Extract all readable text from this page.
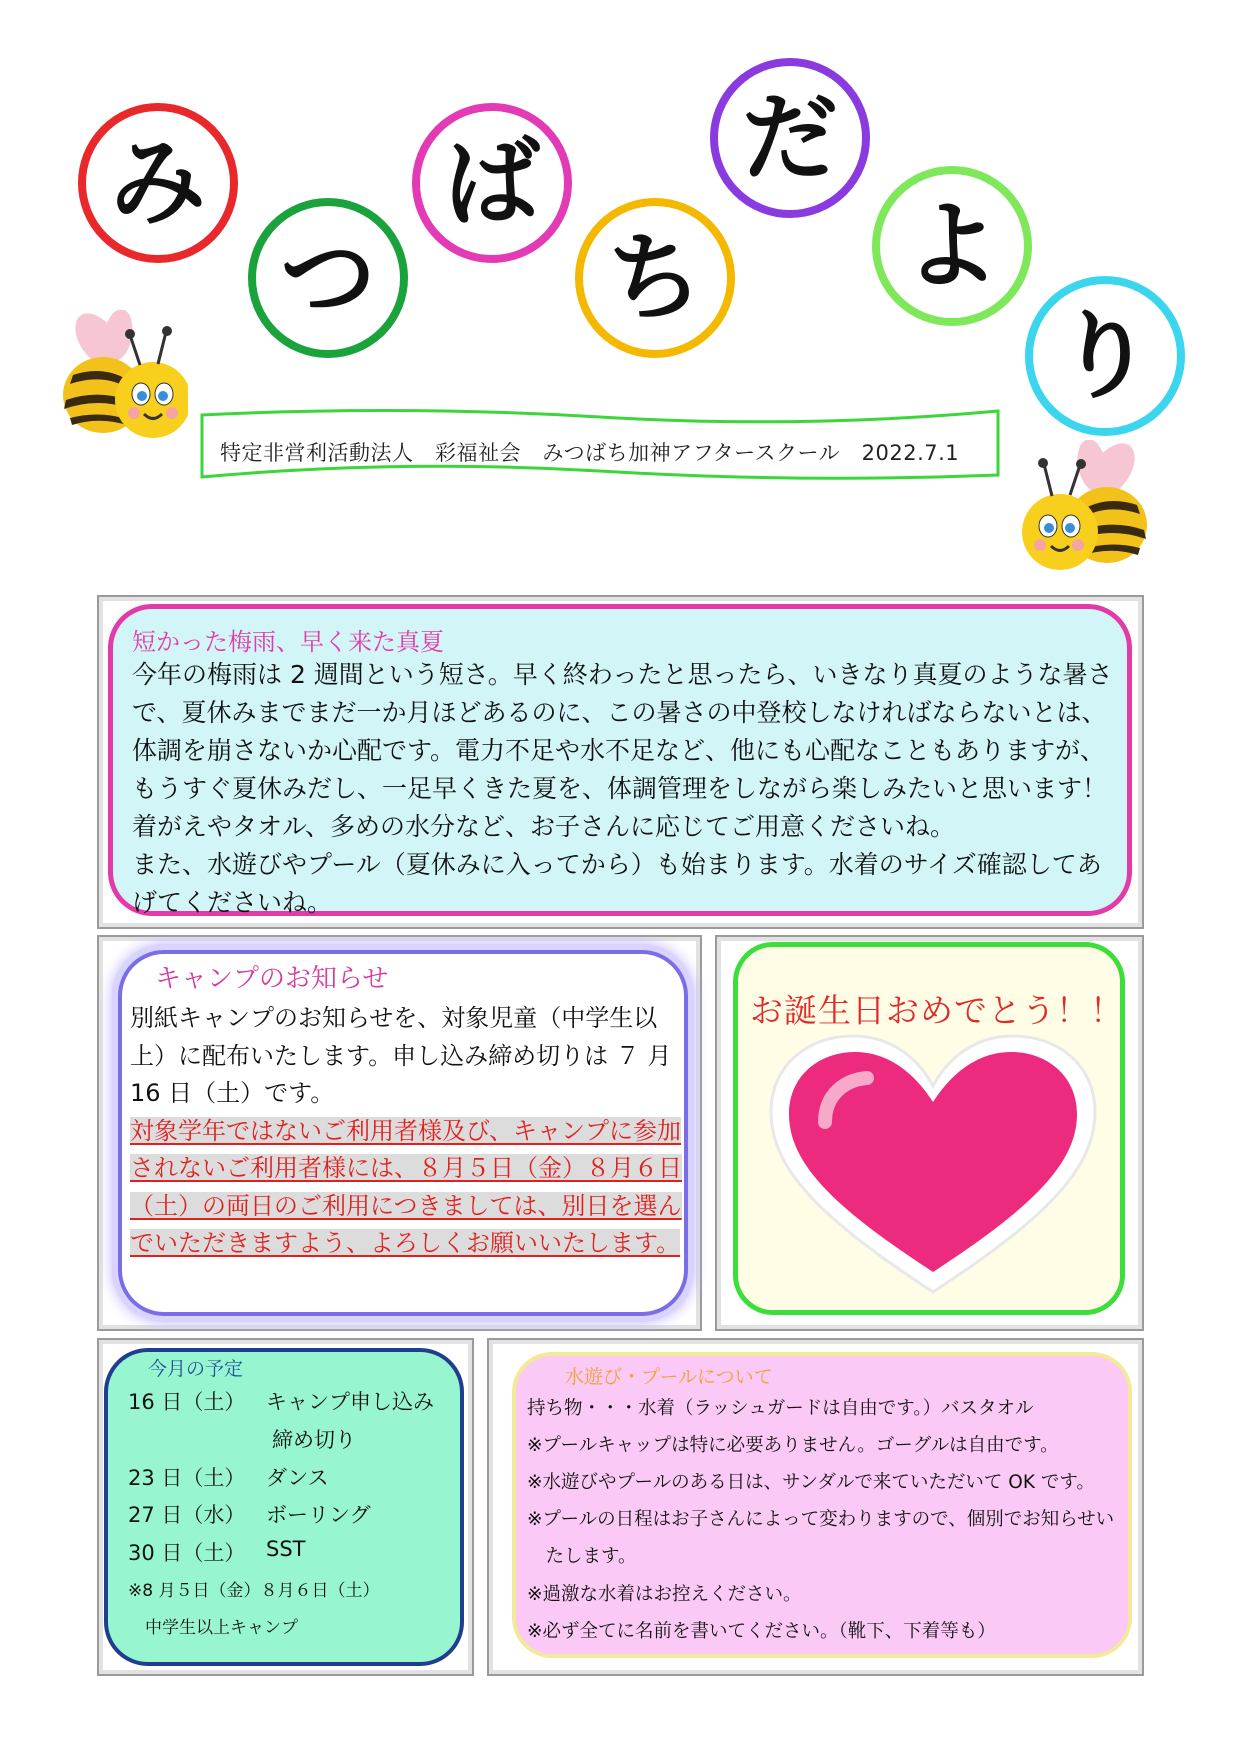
み
つ
ば
ち
だ
よ
り
特定非営利活動法人　彩福祉会　みつばち加神アフタースクール　2022.7.1
短かった梅雨、早く来た真夏

今年の梅雨は 2 週間という短さ。早く終わったと思ったら、いきなり真夏のような暑さで、夏休みまでまだ一か月ほどあるのに、この暑さの中登校しなければならないとは、体調を崩さないか心配です。電力不足や水不足など、他にも心配なこともありますが、もうすぐ夏休みだし、一足早くきた夏を、体調管理をしながら楽しみたいと思います！

着がえやタオル、多めの水分など、お子さんに応じてご用意くださいね。

また、水遊びやプール（夏休みに入ってから）も始まります。水着のサイズ確認してあげてくださいね。

キャンプのお知らせ

別紙キャンプのお知らせを、対象児童（中学生以上）に配布いたします。申し込み締め切りは ７ 月 16 日（土）です。

対象学年ではないご利用者様及び、キャンプに参加されないご利用者様には、８月５日（金）８月６日（土）の両日のご利用につきましては、別日を選んでいただきますよう、よろしくお願いいたします。

お誕生日おめでとう！！
今月の予定
16 日（土） キャンプ申し込み
締め切り
23 日（土） ダンス
27 日（水） ボーリング
30 日（土） SST
※8 月５日（金）８月６日（土）
中学生以上キャンプ
水遊び・プールについて
持ち物・・・水着（ラッシュガードは自由です。）バスタオル
※プールキャップは特に必要ありません。ゴーグルは自由です。
※水遊びやプールのある日は、サンダルで来ていただいて OK です。
※プールの日程はお子さんによって変わりますので、個別でお知らせい
　たします。
※過激な水着はお控えください。
※必ず全てに名前を書いてください。（靴下、下着等も）
